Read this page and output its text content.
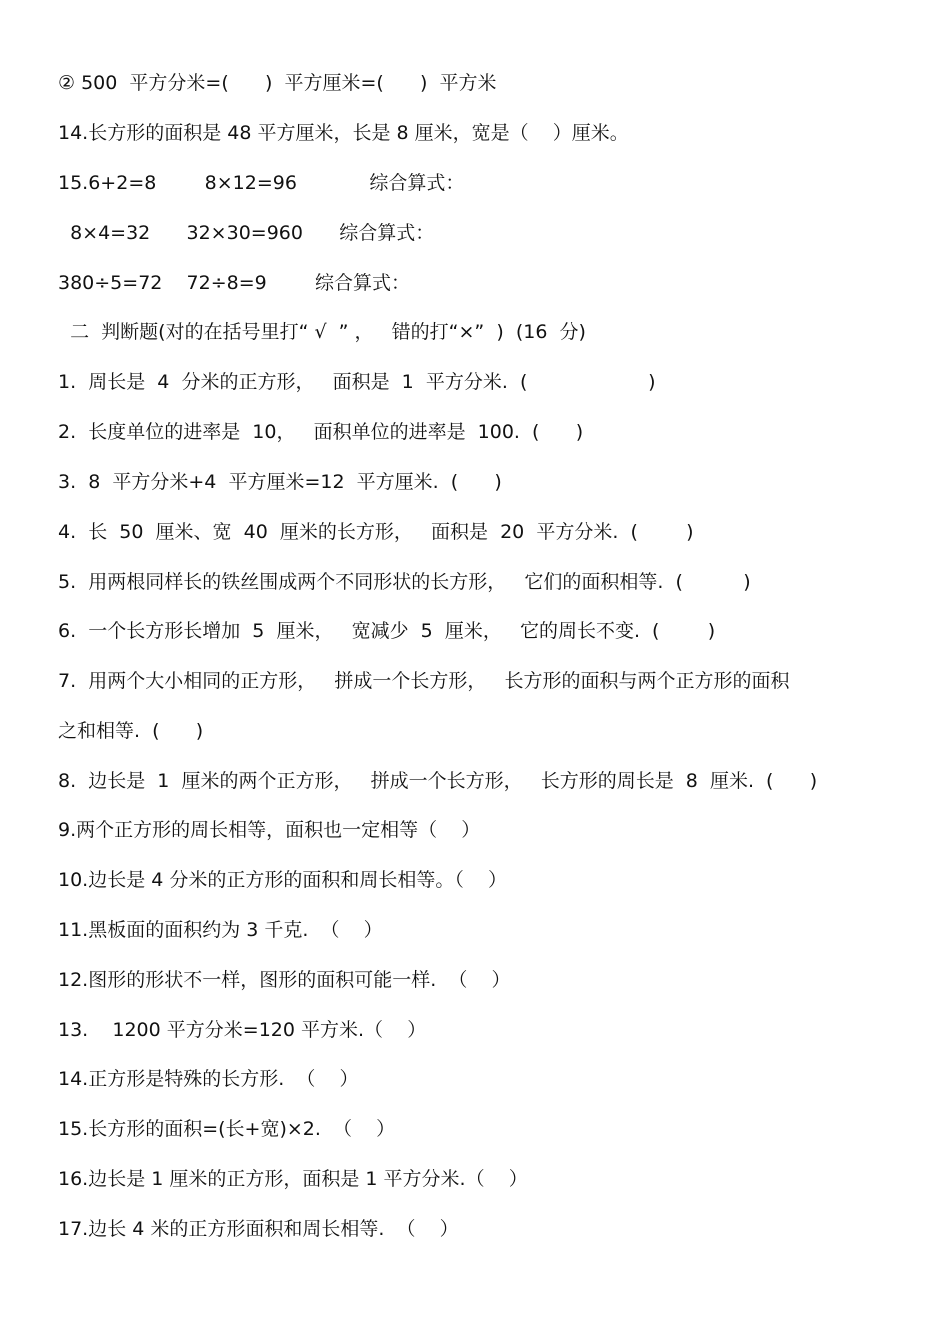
② 500  平方分米=(      )  平方厘米=(      )  平方米
14.长方形的面积是 48 平方厘米，长是 8 厘米，宽是（    ）厘米。
15.6+2=8        8×12=96            综合算式：
8×4=32      32×30=960      综合算式：
380÷5=72    72÷8=9        综合算式：
二  判断题(对的在括号里打“ √  ” ，   错的打“×”  )  (16  分)
1.  周长是  4  分米的正方形，   面积是  1  平方分米.  (                    )
2.  长度单位的进率是  10，   面积单位的进率是  100.  (      )
3.  8  平方分米+4  平方厘米=12  平方厘米.  (      )
4.  长  50  厘米、宽  40  厘米的长方形，   面积是  20  平方分米.  (        )
5.  用两根同样长的铁丝围成两个不同形状的长方形，   它们的面积相等.  (          )
6.  一个长方形长增加  5  厘米，   宽减少  5  厘米，   它的周长不变.  (        )
7.  用两个大小相同的正方形，   拼成一个长方形，   长方形的面积与两个正方形的面积
之和相等.  (      )
8.  边长是  1  厘米的两个正方形，   拼成一个长方形，   长方形的周长是  8  厘米.  (      )
9.两个正方形的周长相等，面积也一定相等（    ）
10.边长是 4 分米的正方形的面积和周长相等。（    ）
11.黑板面的面积约为 3 千克.  （    ）
12.图形的形状不一样，图形的面积可能一样.  （    ）
13.    1200 平方分米=120 平方米.（    ）
14.正方形是特殊的长方形.  （    ）
15.长方形的面积=(长+宽)×2.  （    ）
16.边长是 1 厘米的正方形，面积是 1 平方分米.（    ）
17.边长 4 米的正方形面积和周长相等.  （    ）
